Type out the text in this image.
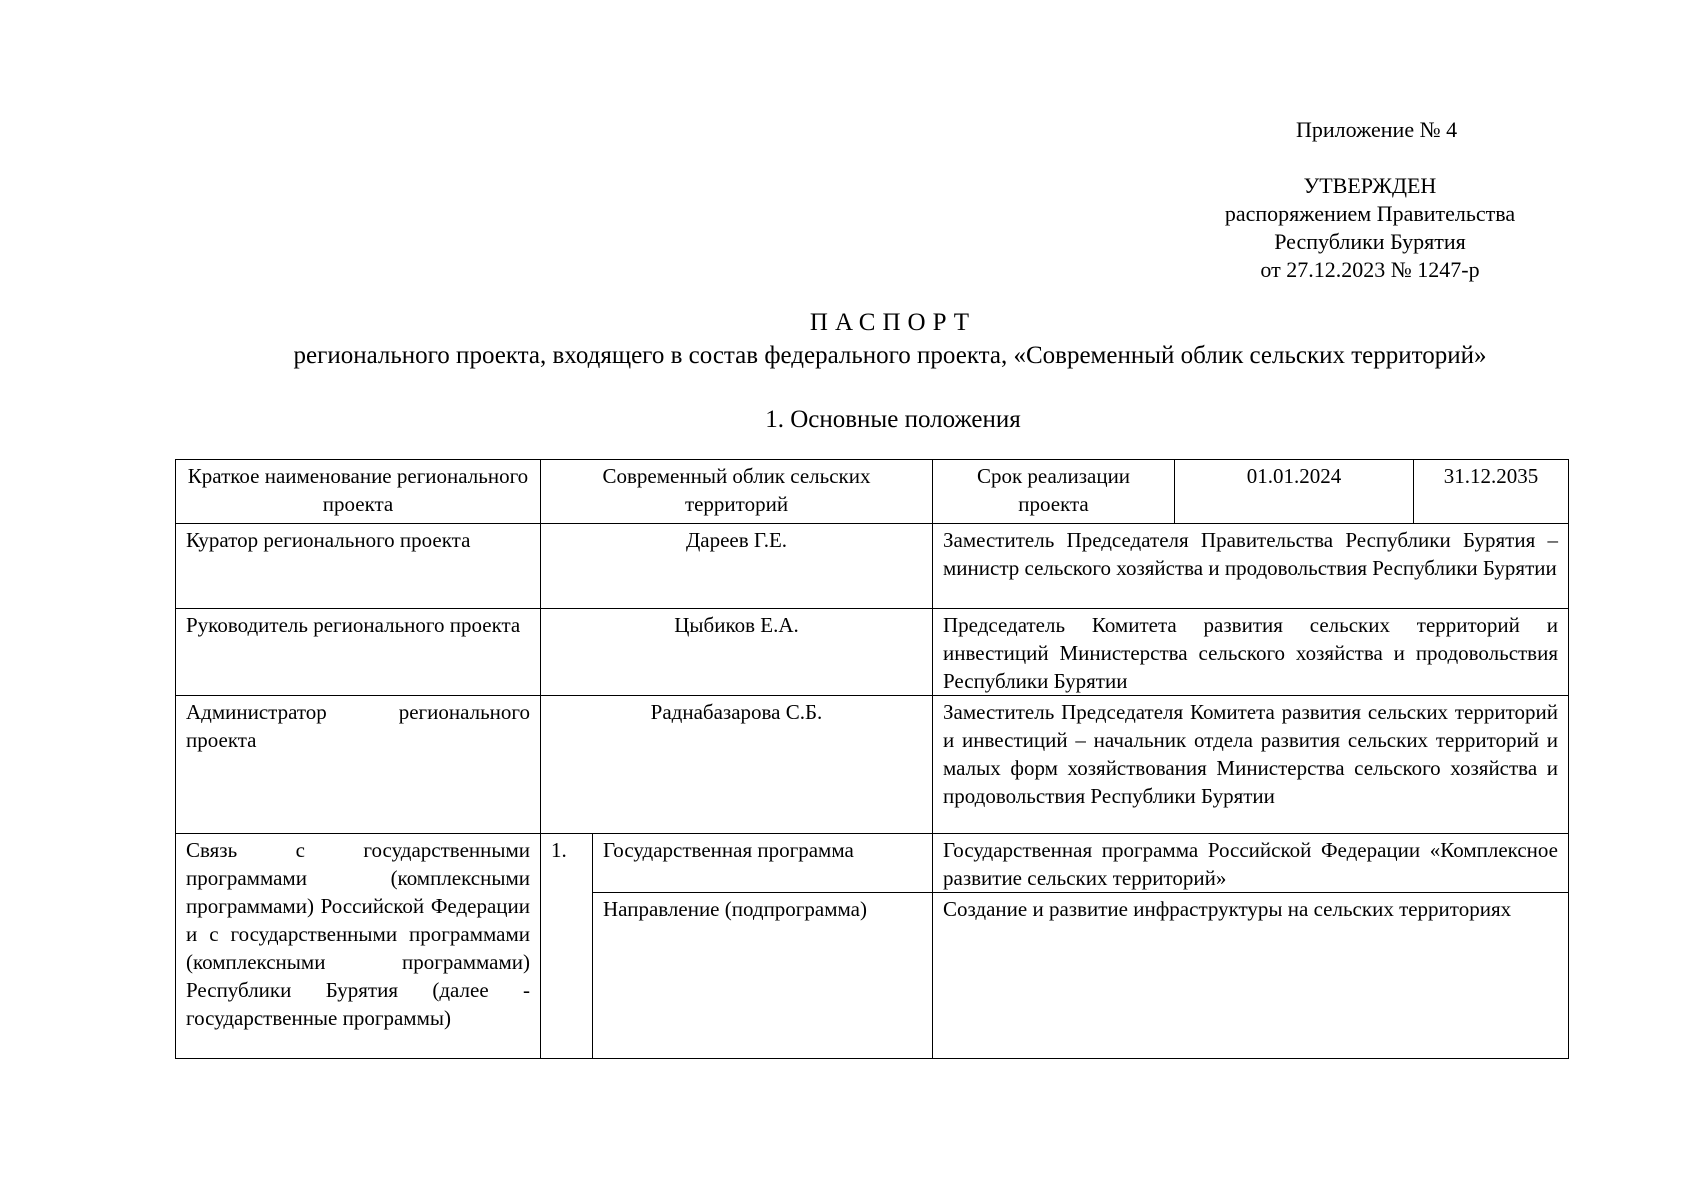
Приложение № 4
УТВЕРЖДЕН
распоряжением Правительства
Республики Бурятия
от 27.12.2023 № 1247-р
ПАСПОРТ
регионального проекта, входящего в состав федерального проекта, «Современный облик сельских территорий»
1. Основные положения
Краткое наименование регионального проекта	Современный облик сельских территорий		Срок реализации проекта	01.01.2024	31.12.2035
Куратор регионального проекта	Дареев Г.Е.		Заместитель Председателя Правительства Республики Бурятия – министр сельского хозяйства и продовольствия Республики Бурятии		
Руководитель регионального проекта	Цыбиков Е.А.		Председатель Комитета развития сельских территорий и инвестиций Министерства сельского хозяйства и продовольствия Республики Бурятии		
Администратор регионального проекта	Раднабазарова С.Б.		Заместитель Председателя Комитета развития сельских территорий и инвестиций – начальник отдела развития сельских территорий и малых форм хозяйствования Министерства сельского хозяйства и продовольствия Республики Бурятии		
Связь с государственными программами (комплексными программами) Российской Федерации и с государственными программами (комплексными программами) Республики Бурятия (далее - государственные программы)	1.	Государственная программа	Государственная программа Российской Федерации «Комплексное развитие сельских территорий»		
		Направление (подпрограмма)	Создание и развитие инфраструктуры на сельских территориях		
